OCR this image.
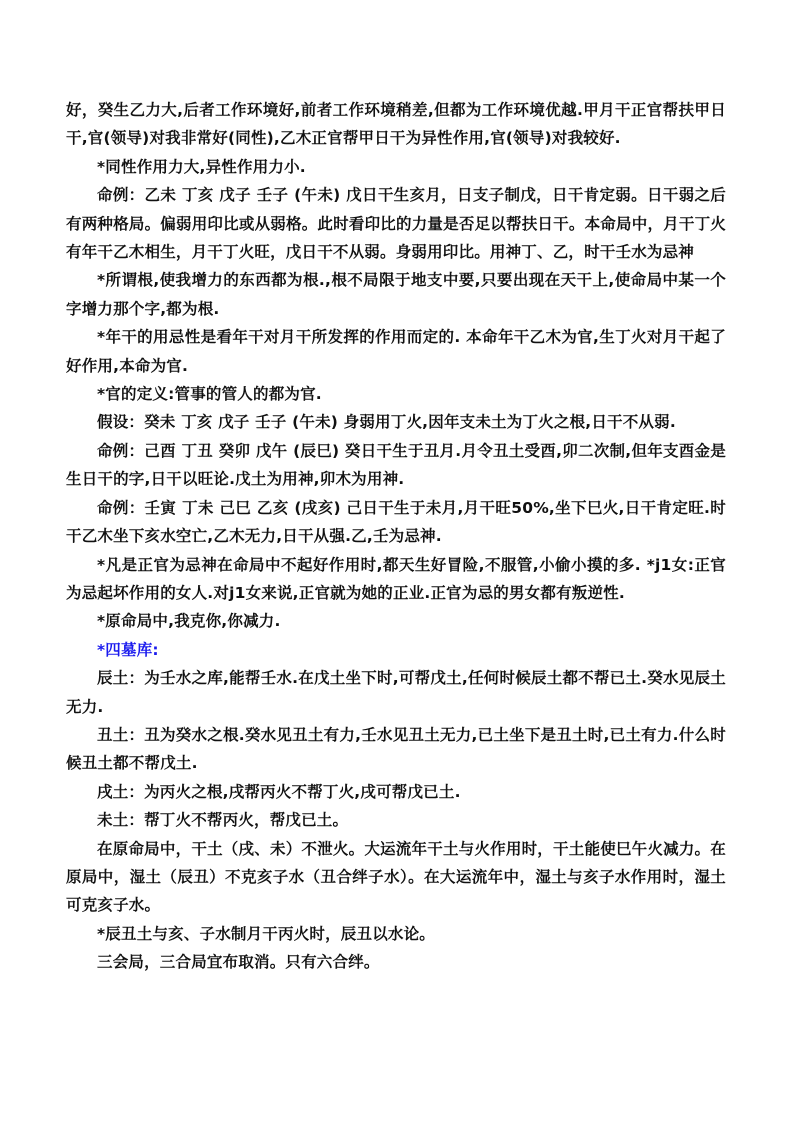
好，癸生乙力大,后者工作环境好,前者工作环境稍差,但都为工作环境优越.甲月干正官帮扶甲日干,官(领导)对我非常好(同性),乙木正官帮甲日干为异性作用,官(领导)对我较好.

*同性作用力大,异性作用力小.

命例：乙未 丁亥 戊子 壬子 (午未) 戊日干生亥月，日支子制戊，日干肯定弱。日干弱之后有两种格局。偏弱用印比或从弱格。此时看印比的力量是否足以帮扶日干。本命局中，月干丁火有年干乙木相生，月干丁火旺，戊日干不从弱。身弱用印比。用神丁、乙，时干壬水为忌神

*所谓根,使我增力的东西都为根.,根不局限于地支中要,只要出现在天干上,使命局中某一个字增力那个字,都为根.

*年干的用忌性是看年干对月干所发挥的作用而定的. 本命年干乙木为官,生丁火对月干起了好作用,本命为官.

*官的定义:管事的管人的都为官.

假设：癸未 丁亥 戊子 壬子 (午未) 身弱用丁火,因年支未土为丁火之根,日干不从弱.

命例：己酉 丁丑 癸卯 戊午 (辰巳) 癸日干生于丑月.月令丑土受酉,卯二次制,但年支酉金是生日干的字,日干以旺论.戊土为用神,卯木为用神.

命例：壬寅 丁未 己巳 乙亥 (戌亥) 己日干生于未月,月干旺50%,坐下巳火,日干肯定旺.时干乙木坐下亥水空亡,乙木无力,日干从强.乙,壬为忌神.

*凡是正官为忌神在命局中不起好作用时,都天生好冒险,不服管,小偷小摸的多. *j1女:正官为忌起坏作用的女人.对j1女来说,正官就为她的正业.正官为忌的男女都有叛逆性.

*原命局中,我克你,你减力.

*四墓库:

辰土：为壬水之库,能帮壬水.在戊土坐下时,可帮戊土,任何时候辰土都不帮已土.癸水见辰土无力.

丑土：丑为癸水之根.癸水见丑土有力,壬水见丑土无力,已土坐下是丑土时,已土有力.什么时候丑土都不帮戊土.

戌土：为丙火之根,戌帮丙火不帮丁火,戌可帮戊已土.

未土：帮丁火不帮丙火，帮戊已土。

在原命局中，干土（戌、未）不泄火。大运流年干土与火作用时，干土能使巳午火减力。在原局中，湿土（辰丑）不克亥子水（丑合绊子水）。在大运流年中，湿土与亥子水作用时，湿土可克亥子水。

*辰丑土与亥、子水制月干丙火时，辰丑以水论。

三会局，三合局宜布取消。只有六合绊。
